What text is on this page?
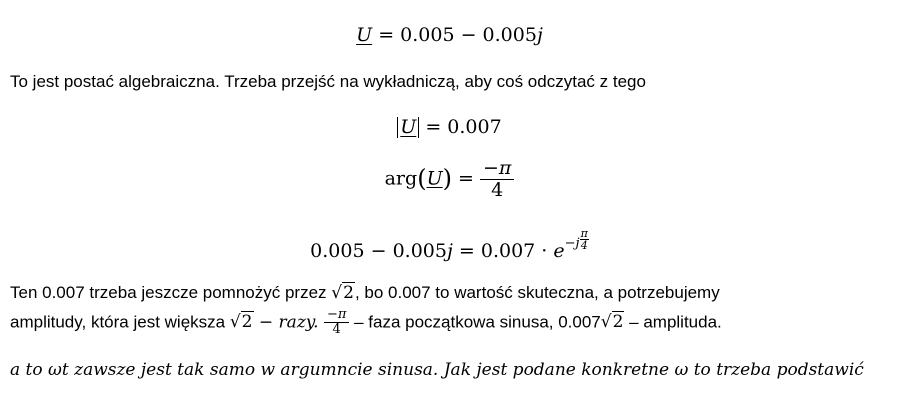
U = 0.005 − 0.005j
To jest postać algebraiczna. Trzeba przejść na wykładniczą, aby coś odczytać z tego
U = 0.007
$arg(U) = \frac{-\pi}{4}$
$0.005 - 0.005j = 0.007 \cdot e^{-j} \frac{\pi}{4}$
Ten 0.007 trzeba jeszcze pomnożyć przez √2, bo 0.007 to wartość skuteczna, a potrzebujemy
amplitudy, która jest większa √2 − razy. $\frac{-\pi}{4}$ – faza początkowa sinusa, 0.007√2 – amplituda.
a to ωt zawsze jest tak samo w argumncie sinusa. Jak jest podane konkretne ω to trzeba podstawić
